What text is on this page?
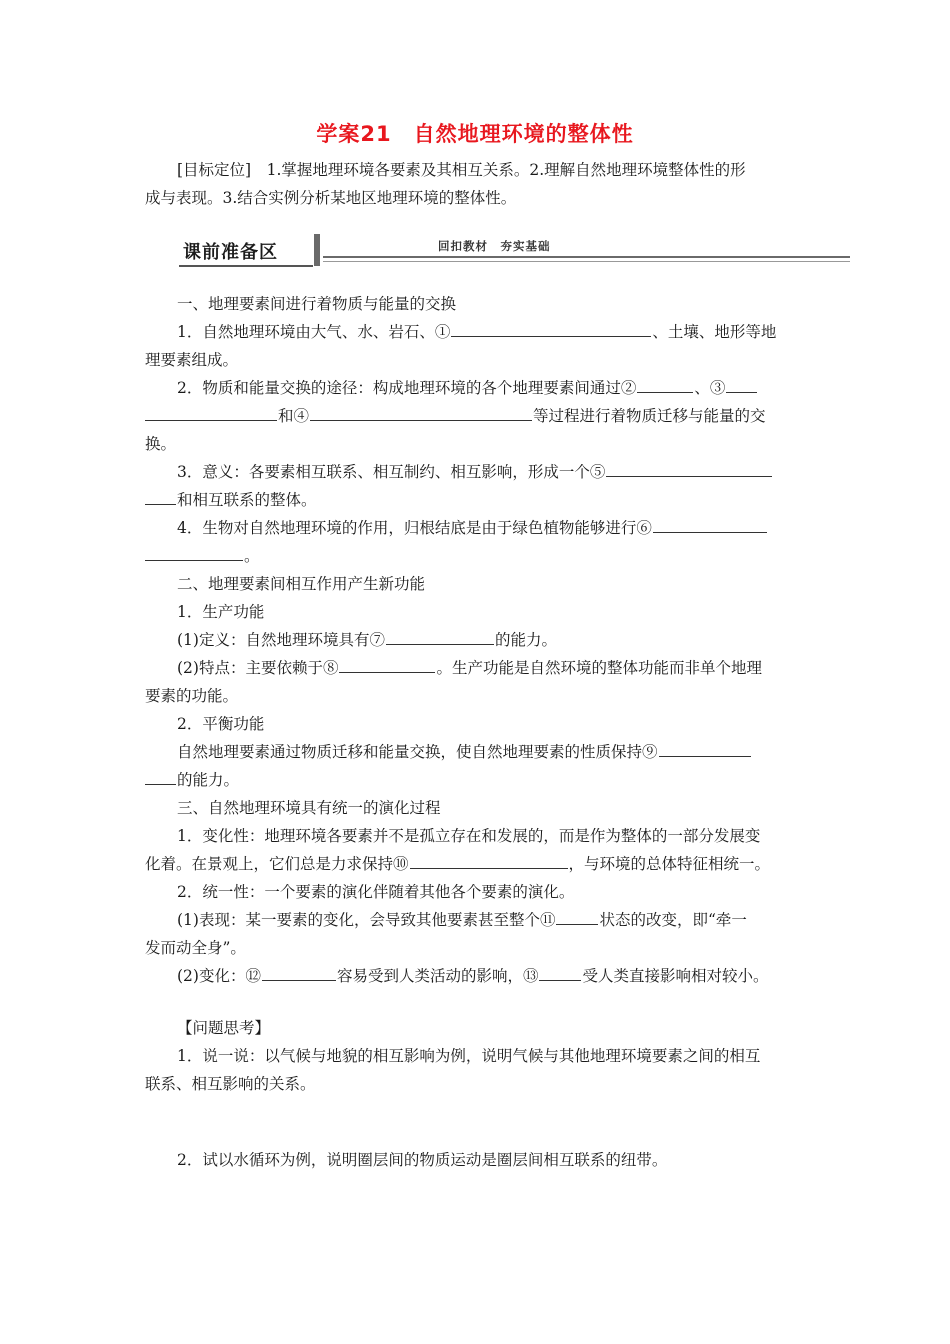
学案21 自然地理环境的整体性

[目标定位]　1.掌握地理环境各要素及其相互关系。2.理解自然地理环境整体性的形

成与表现。3.结合实例分析某地区地理环境的整体性。

课前准备区	回扣教材　夯实基础

一、地理要素间进行着物质与能量的交换

1．自然地理环境由大气、水、岩石、①	、土壤、地形等地

理要素组成。

2．物质和能量交换的途径：构成地理环境的各个地理要素间通过②	、③

和④	等过程进行着物质迁移与能量的交

换。

3．意义：各要素相互联系、相互制约、相互影响，形成一个⑤

和相互联系的整体。

4．生物对自然地理环境的作用，归根结底是由于绿色植物能够进行⑥

。

二、地理要素间相互作用产生新功能

1．生产功能

(1)定义：自然地理环境具有⑦	的能力。

(2)特点：主要依赖于⑧	。生产功能是自然环境的整体功能而非单个地理

要素的功能。

2．平衡功能

自然地理要素通过物质迁移和能量交换，使自然地理要素的性质保持⑨

的能力。

三、自然地理环境具有统一的演化过程

1．变化性：地理环境各要素并不是孤立存在和发展的，而是作为整体的一部分发展变

化着。在景观上，它们总是力求保持⑩	，与环境的总体特征相统一。

2．统一性：一个要素的演化伴随着其他各个要素的演化。

(1)表现：某一要素的变化，会导致其他要素甚至整个⑪	状态的改变，即“牵一

发而动全身”。

(2)变化：⑫	容易受到人类活动的影响，⑬	受人类直接影响相对较小。

【问题思考】

1．说一说：以气候与地貌的相互影响为例，说明气候与其他地理环境要素之间的相互

联系、相互影响的关系。

2．试以水循环为例，说明圈层间的物质运动是圈层间相互联系的纽带。
